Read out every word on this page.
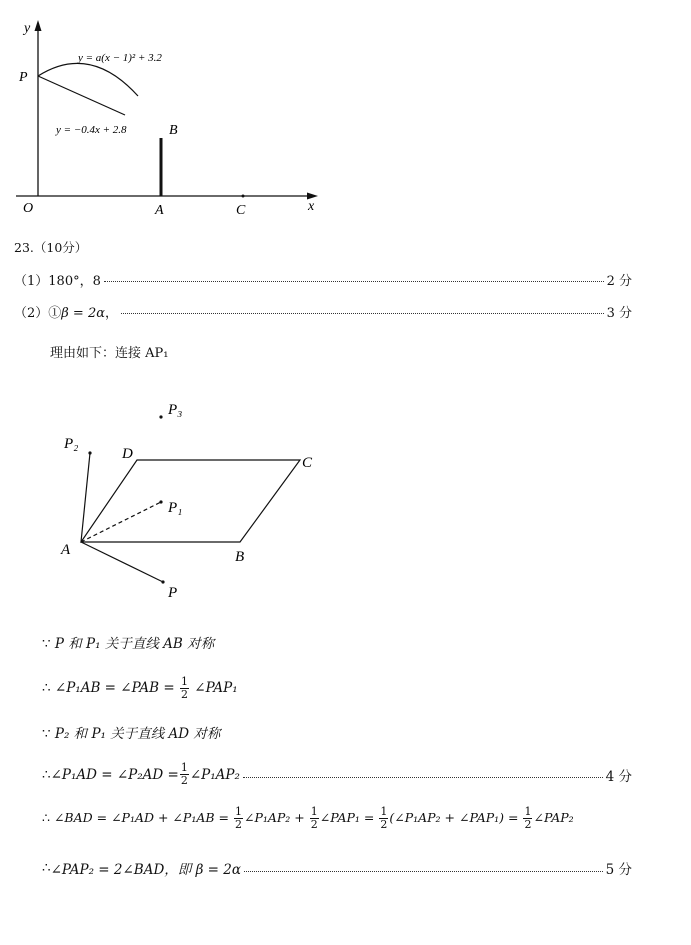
y
x
O
P
A
B
C
y = a(x − 1)² + 3.2
y = −0.4x + 2.8
23.（10分）
（1）180°，8	2 分
（2）① β = 2α ，	3 分
理由如下：连接 AP₁
A	B
C
D
P
P₁
P₂
P₃
∵ P 和 P₁ 关于直线 AB 对称
∴ ∠P₁AB = ∠PAB = $\frac{1}{2}$ ∠PAP₁
∵ P₂ 和 P₁ 关于直线 AD 对称
∴ ∠P₁AD = ∠P₂AD = $\frac{1}{2}$ ∠P₁AP₂	4 分
∴ ∠BAD = ∠P₁AD + ∠P₁AB = $\frac{1}{2}$ ∠P₁AP₂ + $\frac{1}{2}$ ∠PAP₁ = $\frac{1}{2}$ (∠P₁AP₂ + ∠PAP₁) = $\frac{1}{2}$ ∠PAP₂
∴ ∠PAP₂ = 2∠BAD，即 β = 2α	5 分
